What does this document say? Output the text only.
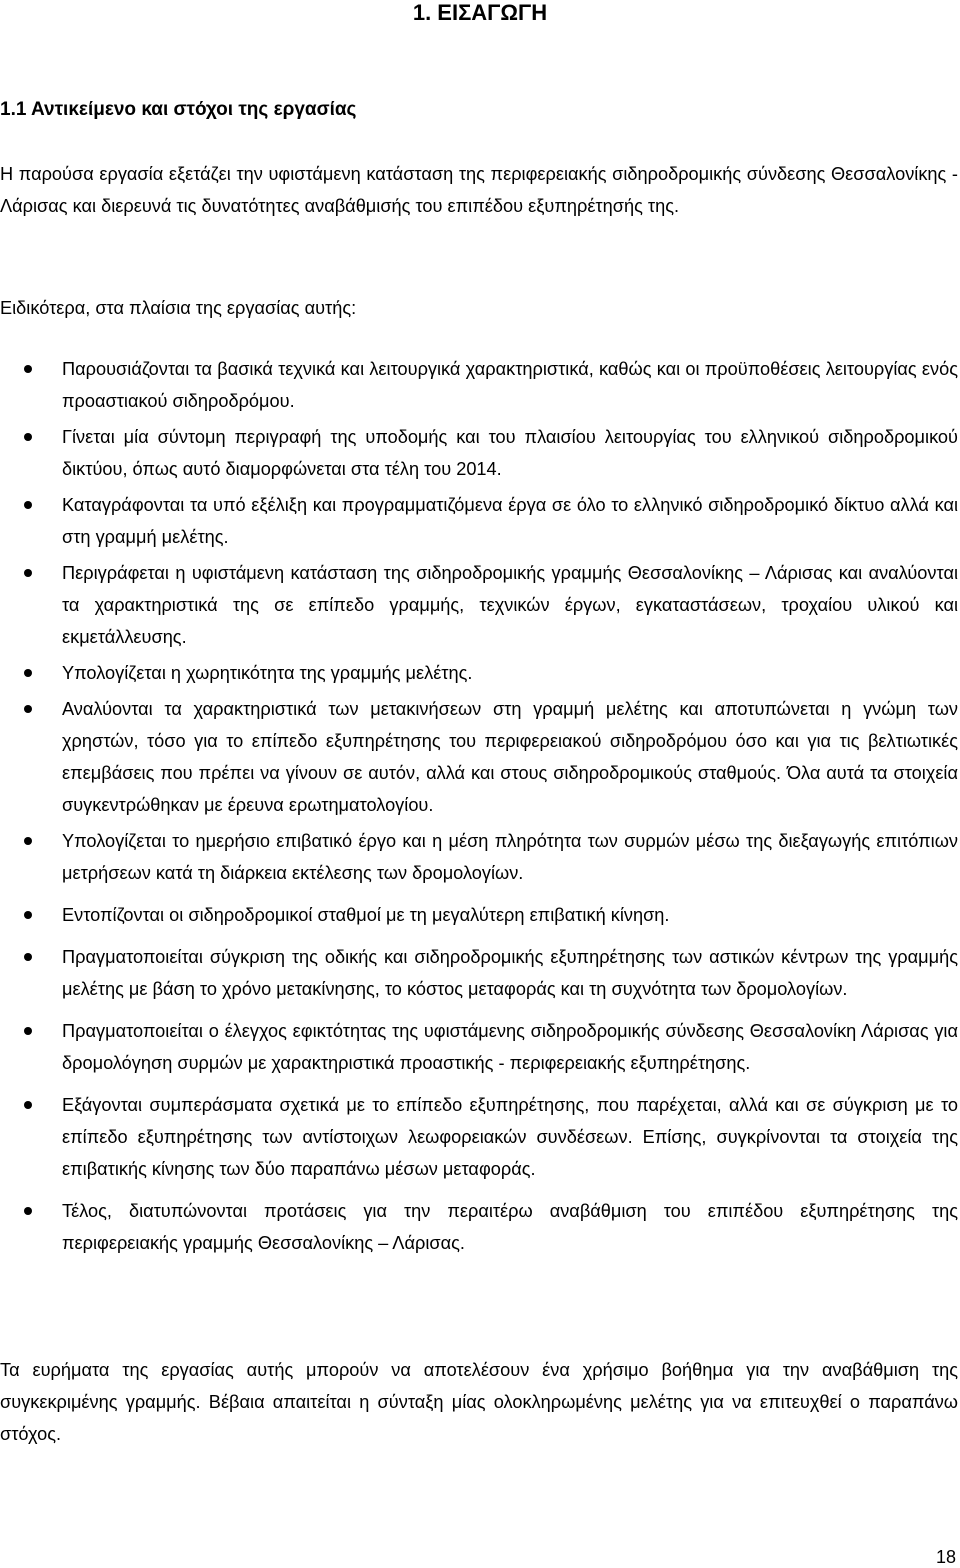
1. ΕΙΣΑΓΩΓΗ
1.1 Αντικείμενο και στόχοι της εργασίας

Η παρούσα εργασία εξετάζει την υφιστάμενη κατάσταση της περιφερειακής σιδηροδρομικής σύνδεσης Θεσσαλονίκης - Λάρισας και διερευνά τις δυνατότητες αναβάθμισής του επιπέδου εξυπηρέτησής της.

Ειδικότερα, στα πλαίσια της εργασίας αυτής:

Παρουσιάζονται τα βασικά τεχνικά και λειτουργικά χαρακτηριστικά, καθώς και οι προϋποθέσεις λειτουργίας ενός προαστιακού σιδηροδρόμου.
Γίνεται μία σύντομη περιγραφή της υποδομής και του πλαισίου λειτουργίας του ελληνικού σιδηροδρομικού δικτύου, όπως αυτό διαμορφώνεται στα τέλη του 2014.
Καταγράφονται τα υπό εξέλιξη και προγραμματιζόμενα έργα σε όλο το ελληνικό σιδηροδρομικό δίκτυο αλλά και στη γραμμή μελέτης.
Περιγράφεται η υφιστάμενη κατάσταση της σιδηροδρομικής γραμμής Θεσσαλονίκης – Λάρισας και αναλύονται τα χαρακτηριστικά της σε επίπεδο γραμμής, τεχνικών έργων, εγκαταστάσεων, τροχαίου υλικού και εκμετάλλευσης.
Υπολογίζεται η χωρητικότητα της γραμμής μελέτης.
Αναλύονται τα χαρακτηριστικά των μετακινήσεων στη γραμμή μελέτης και αποτυπώνεται η γνώμη των χρηστών, τόσο για το επίπεδο εξυπηρέτησης του περιφερειακού σιδηροδρόμου όσο και για τις βελτιωτικές επεμβάσεις που πρέπει να γίνουν σε αυτόν, αλλά και στους σιδηροδρομικούς σταθμούς. Όλα αυτά τα στοιχεία συγκεντρώθηκαν με έρευνα ερωτηματολογίου.
Υπολογίζεται το ημερήσιο επιβατικό έργο και η μέση πληρότητα των συρμών μέσω της διεξαγωγής επιτόπιων μετρήσεων κατά τη διάρκεια εκτέλεσης των δρομολογίων.
Εντοπίζονται οι σιδηροδρομικοί σταθμοί με τη μεγαλύτερη επιβατική κίνηση.
Πραγματοποιείται σύγκριση της οδικής και σιδηροδρομικής εξυπηρέτησης των αστικών κέντρων της γραμμής μελέτης με βάση το χρόνο μετακίνησης, το κόστος μεταφοράς και τη συχνότητα των δρομολογίων.
Πραγματοποιείται ο έλεγχος εφικτότητας της υφιστάμενης σιδηροδρομικής σύνδεσης Θεσσαλονίκη Λάρισας για δρομολόγηση συρμών με χαρακτηριστικά προαστικής - περιφερειακής εξυπηρέτησης.
Εξάγονται συμπεράσματα σχετικά με το επίπεδο εξυπηρέτησης, που παρέχεται, αλλά και σε σύγκριση με το επίπεδο εξυπηρέτησης των αντίστοιχων λεωφορειακών συνδέσεων. Επίσης, συγκρίνονται τα στοιχεία της επιβατικής κίνησης των δύο παραπάνω μέσων μεταφοράς.
Τέλος, διατυπώνονται προτάσεις για την περαιτέρω αναβάθμιση του επιπέδου εξυπηρέτησης της περιφερειακής γραμμής Θεσσαλονίκης – Λάρισας.

Τα ευρήματα της εργασίας αυτής μπορούν να αποτελέσουν ένα χρήσιμο βοήθημα για την αναβάθμιση της συγκεκριμένης γραμμής. Βέβαια απαιτείται η σύνταξη μίας ολοκληρωμένης μελέτης για να επιτευχθεί ο παραπάνω στόχος.

18
